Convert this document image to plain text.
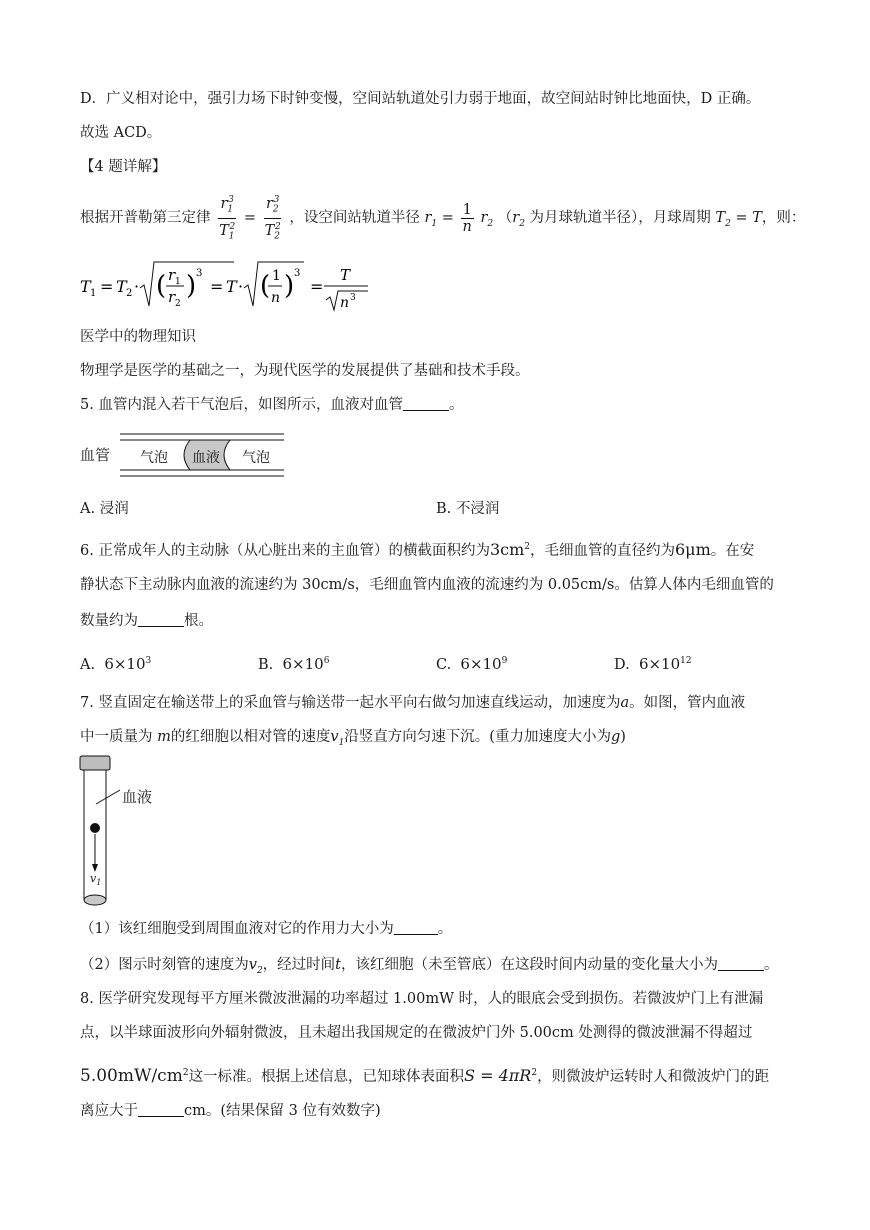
D．广义相对论中，强引力场下时钟变慢，空间站轨道处引力弱于地面，故空间站时钟比地面快，D 正确。
故选 ACD。
【4 题详解】
根据开普勒第三定律 $\frac{r_1^3}{T_1^2} = \frac{r_2^3}{T_2^2}$ ，设空间站轨道半径 $r_1 = \frac{1}{n} r_2$ （$r_2$ 为月球轨道半径），月球周期 $T_2 = T$，则：
T 1 = T 2 · ( r 1
r 2
) 3
= T · ( 1
n ) 3
=
T
n 3
医学中的物理知识
物理学是医学的基础之一，为现代医学的发展提供了基础和技术手段。
5. 血管内混入若干气泡后，如图所示，血液对血管	。
血管 气泡 血液 气泡
A. 浸润	B. 不浸润
6. 正常成年人的主动脉（从心脏出来的主血管）的横截面积约为$3cm^2$，毛细血管的直径约为6μm。在安
静状态下主动脉内血液的流速约为 30cm/s，毛细血管内血液的流速约为 0.05cm/s。估算人体内毛细血管的
数量约为	根。
A. $6\times 10^3$	B. $6\times 10^6$	C. $6\times 10^9$	D. $6\times 10^{12}$
7. 竖直固定在输送带上的采血管与输送带一起水平向右做匀加速直线运动，加速度为a。如图，管内血液
中一质量为 m的红细胞以相对管的速度$v_1$沿竖直方向匀速下沉。(重力加速度大小为g)
血液
$v_1$
（1）该红细胞受到周围血液对它的作用力大小为	。
（2）图示时刻管的速度为$v_2$，经过时间t，该红细胞（未至管底）在这段时间内动量的变化量大小为	。
8. 医学研究发现每平方厘米微波泄漏的功率超过 1.00mW 时，人的眼底会受到损伤。若微波炉门上有泄漏
点，以半球面波形向外辐射微波，且未超出我国规定的在微波炉门外 5.00cm 处测得的微波泄漏不得超过
$5.00mW/cm^2$这一标准。根据上述信息，已知球体表面积$S = 4\pi R^2$，则微波炉运转时人和微波炉门的距
离应大于	cm。(结果保留 3 位有效数字)
